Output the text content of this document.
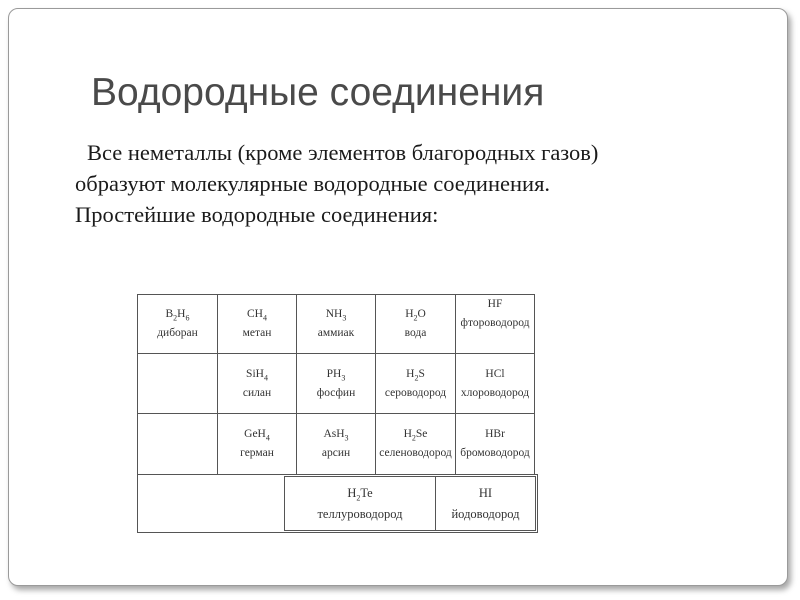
Водородные соединения

Все неметаллы (кроме элементов благородных газов)
образуют молекулярные водородные соединения.
Простейшие водородные соединения:

$B_2H_6$
диборан
$CH_4$
метан
$NH_3$
аммиак
$H_2O$
вода
HF
фтороводород
SiH$_4$
силан
$PH_3$
фосфин
$H_2S$
сероводород
HCl
хлороводород
GeH$_4$
герман
AsH$_3$
арсин
$H_2Se$
селеноводород
HBr
бромоводород
$H_2Te$
теллуроводород
HI
йодоводород
